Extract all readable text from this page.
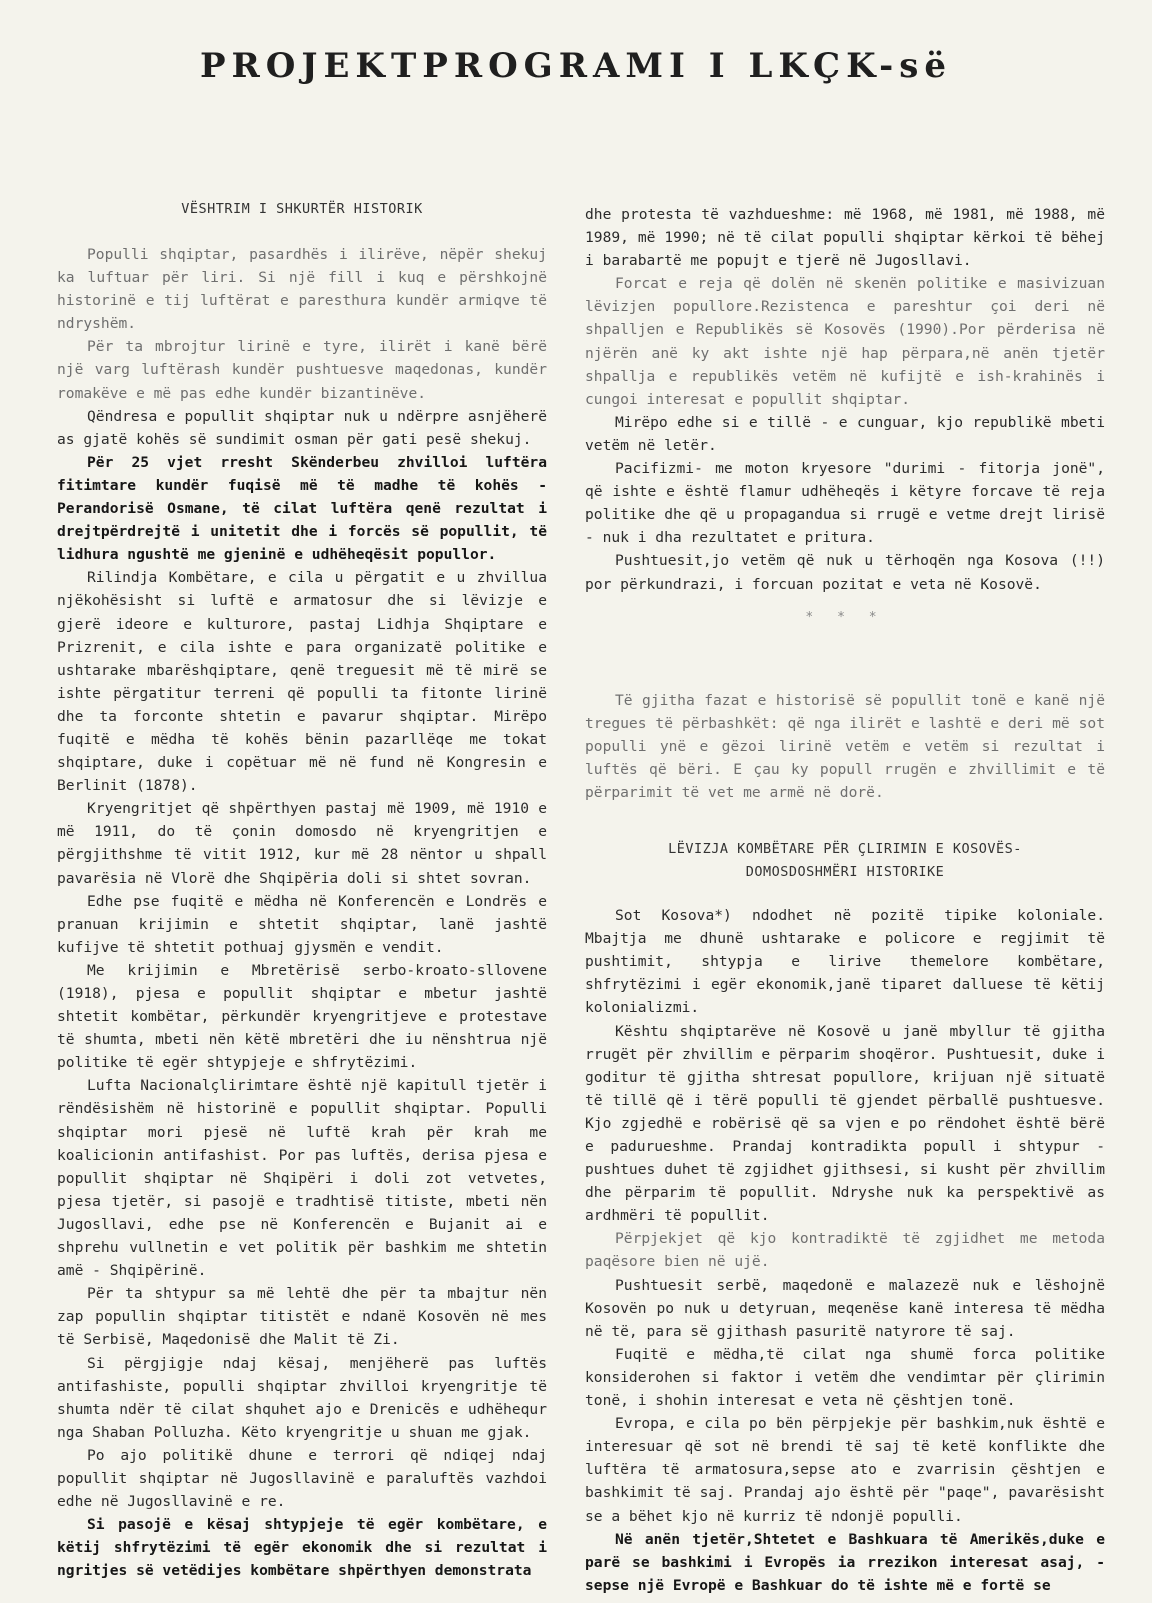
PROJEKTPROGRAMI I LKÇK-së
VËSHTRIM I SHKURTËR HISTORIK

Populli shqiptar, pasardhës i ilirëve, nëpër shekuj ka luftuar për liri. Si një fill i kuq e përshkojnë historinë e tij luftërat e paresthura kundër armiqve të ndryshëm.

Për ta mbrojtur lirinë e tyre, ilirët i kanë bërë një varg luftërash kundër pushtuesve maqedonas, kundër romakëve e më pas edhe kundër bizantinëve.

Qëndresa e popullit shqiptar nuk u ndërpre asnjëherë as gjatë kohës së sundimit osman për gati pesë shekuj.

Për 25 vjet rresht Skënderbeu zhvilloi luftëra fitimtare kundër fuqisë më të madhe të kohës - Perandorisë Osmane, të cilat luftëra qenë rezultat i drejtpërdrejtë i unitetit dhe i forcës së popullit, të lidhura ngushtë me gjeninë e udhëheqësit popullor.

Rilindja Kombëtare, e cila u përgatit e u zhvillua njëkohësisht si luftë e armatosur dhe si lëvizje e gjerë ideore e kulturore, pastaj Lidhja Shqiptare e Prizrenit, e cila ishte e para organizatë politike e ushtarake mbarëshqiptare, qenë treguesit më të mirë se ishte përgatitur terreni që populli ta fitonte lirinë dhe ta forconte shtetin e pavarur shqiptar. Mirëpo fuqitë e mëdha të kohës bënin pazarllëqe me tokat shqiptare, duke i copëtuar më në fund në Kongresin e Berlinit (1878).

Kryengritjet që shpërthyen pastaj më 1909, më 1910 e më 1911, do të çonin domosdo në kryengritjen e përgjithshme të vitit 1912, kur më 28 nëntor u shpall pavarësia në Vlorë dhe Shqipëria doli si shtet sovran.

Edhe pse fuqitë e mëdha në Konferencën e Londrës e pranuan krijimin e shtetit shqiptar, lanë jashtë kufijve të shtetit pothuaj gjysmën e vendit.

Me krijimin e Mbretërisë serbo-kroato-sllovene (1918), pjesa e popullit shqiptar e mbetur jashtë shtetit kombëtar, përkundër kryengritjeve e protestave të shumta, mbeti nën këtë mbretëri dhe iu nënshtrua një politike të egër shtypjeje e shfrytëzimi.

Lufta Nacionalçlirimtare është një kapitull tjetër i rëndësishëm në historinë e popullit shqiptar. Populli shqiptar mori pjesë në luftë krah për krah me koalicionin antifashist. Por pas luftës, derisa pjesa e popullit shqiptar në Shqipëri i doli zot vetvetes, pjesa tjetër, si pasojë e tradhtisë titiste, mbeti nën Jugosllavi, edhe pse në Konferencën e Bujanit ai e shprehu vullnetin e vet politik për bashkim me shtetin amë - Shqipërinë.

Për ta shtypur sa më lehtë dhe për ta mbajtur nën zap popullin shqiptar titistët e ndanë Kosovën në mes të Serbisë, Maqedonisë dhe Malit të Zi.

Si përgjigje ndaj kësaj, menjëherë pas luftës antifashiste, populli shqiptar zhvilloi kryengritje të shumta ndër të cilat shquhet ajo e Drenicës e udhëhequr nga Shaban Polluzha. Këto kryengritje u shuan me gjak.

Po ajo politikë dhune e terrori që ndiqej ndaj popullit shqiptar në Jugosllavinë e paraluftës vazhdoi edhe në Jugosllavinë e re.

Si pasojë e kësaj shtypjeje të egër kombëtare, e këtij shfrytëzimi të egër ekonomik dhe si rezultat i ngritjes së vetëdijes kombëtare shpërthyen demonstrata

dhe protesta të vazhdueshme: më 1968, më 1981, më 1988, më 1989, më 1990; në të cilat populli shqiptar kërkoi të bëhej i barabartë me popujt e tjerë në Jugosllavi.

Forcat e reja që dolën në skenën politike e masivizuan lëvizjen popullore.Rezistenca e pareshtur çoi deri në shpalljen e Republikës së Kosovës (1990).Por përderisa në njërën anë ky akt ishte një hap përpara,në anën tjetër shpallja e republikës vetëm në kufijtë e ish-krahinës i cungoi interesat e popullit shqiptar.

Mirëpo edhe si e tillë - e cunguar, kjo republikë mbeti vetëm në letër.

Pacifizmi- me moton kryesore "durimi - fitorja jonë", që ishte e është flamur udhëheqës i këtyre forcave të reja politike dhe që u propagandua si rrugë e vetme drejt lirisë - nuk i dha rezultatet e pritura.

Pushtuesit,jo vetëm që nuk u tërhoqën nga Kosova (!!) por përkundrazi, i forcuan pozitat e veta në Kosovë.

* * *

Të gjitha fazat e historisë së popullit tonë e kanë një tregues të përbashkët: që nga ilirët e lashtë e deri më sot populli ynë e gëzoi lirinë vetëm e vetëm si rezultat i luftës që bëri. E çau ky popull rrugën e zhvillimit e të përparimit të vet me armë në dorë.

LËVIZJA KOMBËTARE PËR ÇLIRIMIN E KOSOVËS-
DOMOSDOSHMËRI HISTORIKE

Sot Kosova*) ndodhet në pozitë tipike koloniale. Mbajtja me dhunë ushtarake e policore e regjimit të pushtimit, shtypja e lirive themelore kombëtare, shfrytëzimi i egër ekonomik,janë tiparet dalluese të këtij kolonializmi.

Kështu shqiptarëve në Kosovë u janë mbyllur të gjitha rrugët për zhvillim e përparim shoqëror. Pushtuesit, duke i goditur të gjitha shtresat popullore, krijuan një situatë të tillë që i tërë populli të gjendet përballë pushtuesve. Kjo zgjedhë e robërisë që sa vjen e po rëndohet është bërë e padurueshme. Prandaj kontradikta popull i shtypur - pushtues duhet të zgjidhet gjithsesi, si kusht për zhvillim dhe përparim të popullit. Ndryshe nuk ka perspektivë as ardhmëri të popullit.

Përpjekjet që kjo kontradiktë të zgjidhet me metoda paqësore bien në ujë.

Pushtuesit serbë, maqedonë e malazezë nuk e lëshojnë Kosovën po nuk u detyruan, meqenëse kanë interesa të mëdha në të, para së gjithash pasuritë natyrore të saj.

Fuqitë e mëdha,të cilat nga shumë forca politike konsiderohen si faktor i vetëm dhe vendimtar për çlirimin tonë, i shohin interesat e veta në çështjen tonë.

Evropa, e cila po bën përpjekje për bashkim,nuk është e interesuar që sot në brendi të saj të ketë konflikte dhe luftëra të armatosura,sepse ato e zvarrisin çështjen e bashkimit të saj. Prandaj ajo është për "paqe", pavarësisht se a bëhet kjo në kurriz të ndonjë populli.

Në anën tjetër,Shtetet e Bashkuara të Amerikës,duke e parë se bashkimi i Evropës ia rrezikon interesat asaj, -sepse një Evropë e Bashkuar do të ishte më e fortë se
